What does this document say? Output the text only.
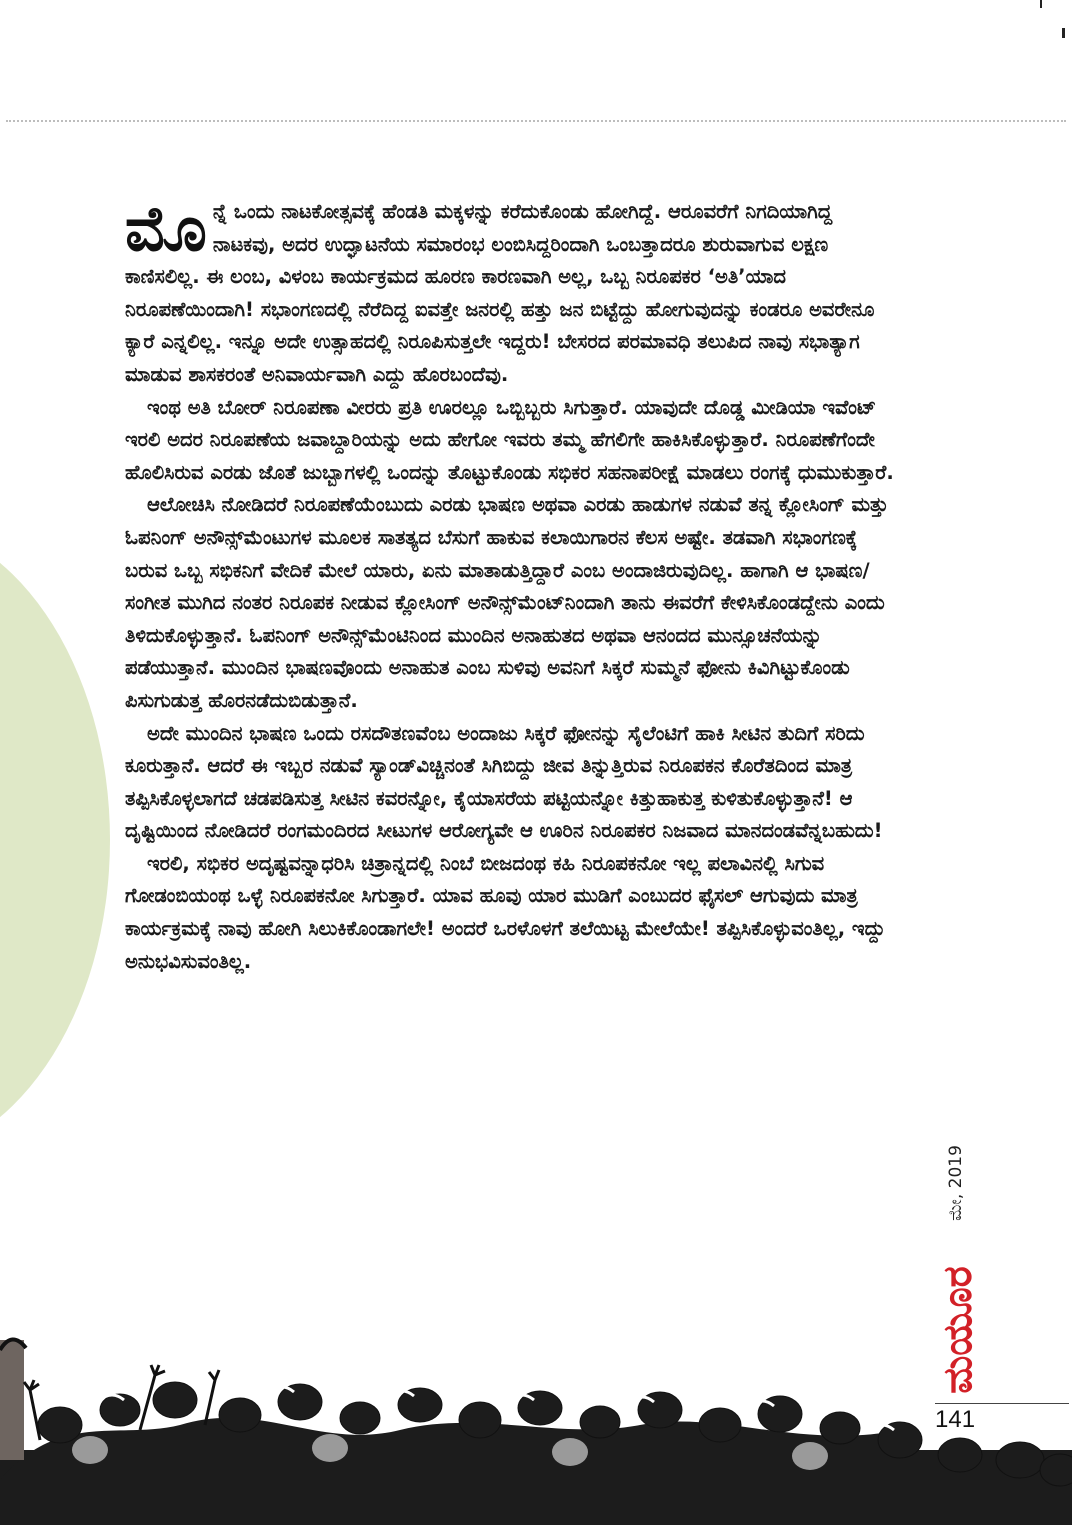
ಮೊನ್ನೆ ಒಂದು ನಾಟಕೋತ್ಸವಕ್ಕೆ ಹೆಂಡತಿ ಮಕ್ಕಳನ್ನು ಕರೆದುಕೊಂಡು ಹೋಗಿದ್ದೆ. ಆರೂವರೆಗೆ ನಿಗದಿಯಾಗಿದ್ದ ನಾಟಕವು, ಅದರ ಉದ್ಘಾಟನೆಯ ಸಮಾರಂಭ ಲಂಬಿಸಿದ್ದರಿಂದಾಗಿ ಒಂಬತ್ತಾದರೂ ಶುರುವಾಗುವ ಲಕ್ಷಣ ಕಾಣಿಸಲಿಲ್ಲ. ಈ ಲಂಬ, ವಿಳಂಬ ಕಾರ್ಯಕ್ರಮದ ಹೂರಣ ಕಾರಣವಾಗಿ ಅಲ್ಲ, ಒಬ್ಬ ನಿರೂಪಕರ ‘ಅತಿ’ಯಾದ ನಿರೂಪಣೆಯಿಂದಾಗಿ! ಸಭಾಂಗಣದಲ್ಲಿ ನೆರೆದಿದ್ದ ಐವತ್ತೇ ಜನರಲ್ಲಿ ಹತ್ತು ಜನ ಬಿಟ್ಟೆದ್ದು ಹೋಗುವುದನ್ನು ಕಂಡರೂ ಅವರೇನೂ ಕ್ಯಾರೆ ಎನ್ನಲಿಲ್ಲ. ಇನ್ನೂ ಅದೇ ಉತ್ಸಾಹದಲ್ಲಿ ನಿರೂಪಿಸುತ್ತಲೇ ಇದ್ದರು! ಬೇಸರದ ಪರಮಾವಧಿ ತಲುಪಿದ ನಾವು ಸಭಾತ್ಯಾಗ ಮಾಡುವ ಶಾಸಕರಂತೆ ಅನಿವಾರ್ಯವಾಗಿ ಎದ್ದು ಹೊರಬಂದೆವು.

ಇಂಥ ಅತಿ ಬೋರ್ ನಿರೂಪಣಾ ವೀರರು ಪ್ರತಿ ಊರಲ್ಲೂ ಒಬ್ಬಿಬ್ಬರು ಸಿಗುತ್ತಾರೆ. ಯಾವುದೇ ದೊಡ್ಡ ಮೀಡಿಯಾ ಇವೆಂಟ್ ಇರಲಿ ಅದರ ನಿರೂಪಣೆಯ ಜವಾಬ್ದಾರಿಯನ್ನು ಅದು ಹೇಗೋ ಇವರು ತಮ್ಮ ಹೆಗಲಿಗೇ ಹಾಕಿಸಿಕೊಳ್ಳುತ್ತಾರೆ. ನಿರೂಪಣೆಗೆಂದೇ ಹೊಲಿಸಿರುವ ಎರಡು ಜೊತೆ ಜುಬ್ಬಾಗಳಲ್ಲಿ ಒಂದನ್ನು ತೊಟ್ಟುಕೊಂಡು ಸಭಿಕರ ಸಹನಾಪರೀಕ್ಷೆ ಮಾಡಲು ರಂಗಕ್ಕೆ ಧುಮುಕುತ್ತಾರೆ.

ಆಲೋಚಿಸಿ ನೋಡಿದರೆ ನಿರೂಪಣೆಯೆಂಬುದು ಎರಡು ಭಾಷಣ ಅಥವಾ ಎರಡು ಹಾಡುಗಳ ನಡುವೆ ತನ್ನ ಕ್ಲೋಸಿಂಗ್ ಮತ್ತು ಓಪನಿಂಗ್ ಅನೌನ್ಸ್‌ಮೆಂಟುಗಳ ಮೂಲಕ ಸಾತತ್ಯದ ಬೆಸುಗೆ ಹಾಕುವ ಕಲಾಯಿಗಾರನ ಕೆಲಸ ಅಷ್ಟೇ. ತಡವಾಗಿ ಸಭಾಂಗಣಕ್ಕೆ ಬರುವ ಒಬ್ಬ ಸಭಿಕನಿಗೆ ವೇದಿಕೆ ಮೇಲೆ ಯಾರು, ಏನು ಮಾತಾಡುತ್ತಿದ್ದಾರೆ ಎಂಬ ಅಂದಾಜಿರುವುದಿಲ್ಲ. ಹಾಗಾಗಿ ಆ ಭಾಷಣ/ ಸಂಗೀತ ಮುಗಿದ ನಂತರ ನಿರೂಪಕ ನೀಡುವ ಕ್ಲೋಸಿಂಗ್ ಅನೌನ್ಸ್‌ಮೆಂಟ್‌ನಿಂದಾಗಿ ತಾನು ಈವರೆಗೆ ಕೇಳಿಸಿಕೊಂಡದ್ದೇನು ಎಂದು ತಿಳಿದುಕೊಳ್ಳುತ್ತಾನೆ. ಓಪನಿಂಗ್ ಅನೌನ್ಸ್‌ಮೆಂಟಿನಿಂದ ಮುಂದಿನ ಅನಾಹುತದ ಅಥವಾ ಆನಂದದ ಮುನ್ಸೂಚನೆಯನ್ನು ಪಡೆಯುತ್ತಾನೆ. ಮುಂದಿನ ಭಾಷಣವೊಂದು ಅನಾಹುತ ಎಂಬ ಸುಳಿವು ಅವನಿಗೆ ಸಿಕ್ಕರೆ ಸುಮ್ಮನೆ ಫೋನು ಕಿವಿಗಿಟ್ಟುಕೊಂಡು ಪಿಸುಗುಡುತ್ತ ಹೊರನಡೆದುಬಿಡುತ್ತಾನೆ.

ಅದೇ ಮುಂದಿನ ಭಾಷಣ ಒಂದು ರಸದೌತಣವೆಂಬ ಅಂದಾಜು ಸಿಕ್ಕರೆ ಫೋನನ್ನು ಸೈಲೆಂಟಿಗೆ ಹಾಕಿ ಸೀಟಿನ ತುದಿಗೆ ಸರಿದು ಕೂರುತ್ತಾನೆ. ಆದರೆ ಈ ಇಬ್ಬರ ನಡುವೆ ಸ್ಯಾಂಡ್‌ವಿಚ್ಚಿನಂತೆ ಸಿಗಿಬಿದ್ದು ಜೀವ ತಿನ್ನುತ್ತಿರುವ ನಿರೂಪಕನ ಕೊರೆತದಿಂದ ಮಾತ್ರ ತಪ್ಪಿಸಿಕೊಳ್ಳಲಾಗದೆ ಚಡಪಡಿಸುತ್ತ ಸೀಟಿನ ಕವರನ್ನೋ, ಕೈಯಾಸರೆಯ ಪಟ್ಟಿಯನ್ನೋ ಕಿತ್ತುಹಾಕುತ್ತ ಕುಳಿತುಕೊಳ್ಳುತ್ತಾನೆ! ಆ ದೃಷ್ಟಿಯಿಂದ ನೋಡಿದರೆ ರಂಗಮಂದಿರದ ಸೀಟುಗಳ ಆರೋಗ್ಯವೇ ಆ ಊರಿನ ನಿರೂಪಕರ ನಿಜವಾದ ಮಾನದಂಡವೆನ್ನಬಹುದು!

ಇರಲಿ, ಸಭಿಕರ ಅದೃಷ್ಟವನ್ನಾಧರಿಸಿ ಚಿತ್ರಾನ್ನದಲ್ಲಿ ನಿಂಬೆ ಬೀಜದಂಥ ಕಹಿ ನಿರೂಪಕನೋ ಇಲ್ಲ ಪಲಾವಿನಲ್ಲಿ ಸಿಗುವ ಗೋಡಂಬಿಯಂಥ ಒಳ್ಳೆ ನಿರೂಪಕನೋ ಸಿಗುತ್ತಾರೆ. ಯಾವ ಹೂವು ಯಾರ ಮುಡಿಗೆ ಎಂಬುದರ ಫೈಸಲ್ ಆಗುವುದು ಮಾತ್ರ ಕಾರ್ಯಕ್ರಮಕ್ಕೆ ನಾವು ಹೋಗಿ ಸಿಲುಕಿಕೊಂಡಾಗಲೇ! ಅಂದರೆ ಒರಳೊಳಗೆ ತಲೆಯಿಟ್ಟ ಮೇಲೆಯೇ! ತಪ್ಪಿಸಿಕೊಳ್ಳುವಂತಿಲ್ಲ, ಇದ್ದು ಅನುಭವಿಸುವಂತಿಲ್ಲ.

ಮೇ, 2019
ಮಯೂರ
141
